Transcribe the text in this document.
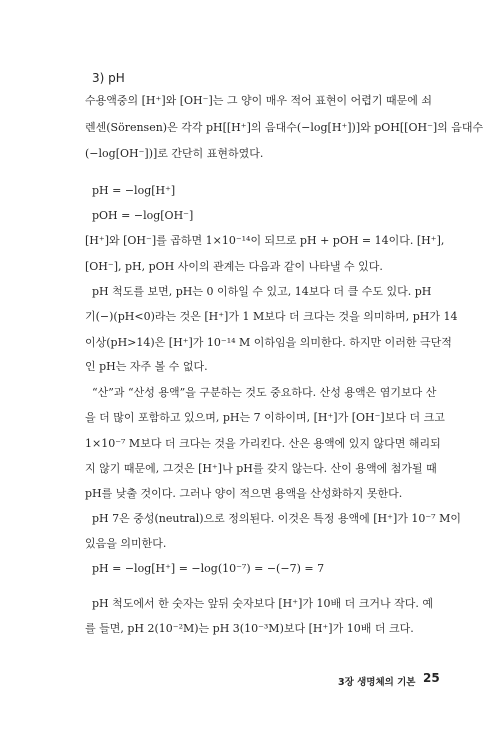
3) pH
수용액중의 [H⁺]와 [OH⁻]는 그 양이 매우 적어 표현이 어렵기 때문에 쇠
렌센(Sörensen)은 각각 pH[[H⁺]의 음대수(−log[H⁺])]와 pOH[[OH⁻]의 음대수
(−log[OH⁻])]로 간단히 표현하였다.
pH = −log[H⁺]
pOH = −log[OH⁻]
[H⁺]와 [OH⁻]를 곱하면 1×10⁻¹⁴이 되므로 pH + pOH = 14이다. [H⁺],
[OH⁻], pH, pOH 사이의 관계는 다음과 같이 나타낼 수 있다.
pH 척도를 보면, pH는 0 이하일 수 있고, 14보다 더 클 수도 있다. pH
기(−)(pH<0)라는 것은 [H⁺]가 1 M보다 더 크다는 것을 의미하며, pH가 14
이상(pH>14)은 [H⁺]가 10⁻¹⁴ M 이하임을 의미한다. 하지만 이러한 극단적
인 pH는 자주 볼 수 없다.
“산”과 “산성 용액”을 구분하는 것도 중요하다. 산성 용액은 염기보다 산
을 더 많이 포함하고 있으며, pH는 7 이하이며, [H⁺]가 [OH⁻]보다 더 크고
1×10⁻⁷ M보다 더 크다는 것을 가리킨다. 산은 용액에 있지 않다면 해리되
지 않기 때문에, 그것은 [H⁺]나 pH를 갖지 않는다. 산이 용액에 첨가될 때
pH를 낮출 것이다. 그러나 양이 적으면 용액을 산성화하지 못한다.
pH 7은 중성(neutral)으로 정의된다. 이것은 특정 용액에 [H⁺]가 10⁻⁷ M이
있음을 의미한다.
pH = −log[H⁺] = −log(10⁻⁷) = −(−7) = 7
pH 척도에서 한 숫자는 앞뒤 숫자보다 [H⁺]가 10배 더 크거나 작다. 예
를 들면, pH 2(10⁻²M)는 pH 3(10⁻³M)보다 [H⁺]가 10배 더 크다.
3장 생명체의 기본 25
